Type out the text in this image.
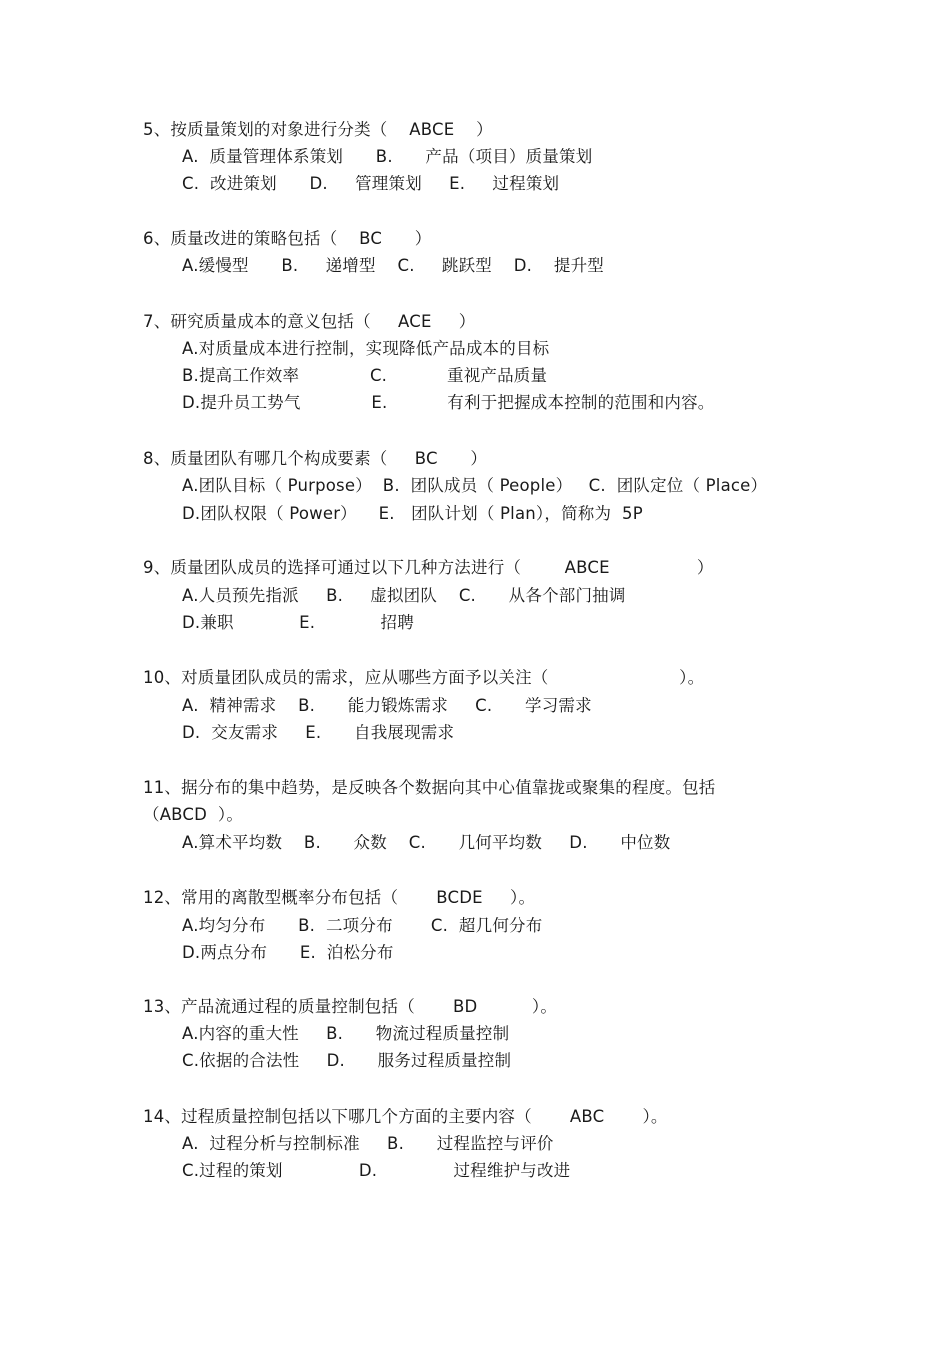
5、按质量策划的对象进行分类（    ABCE    ）
A.  质量管理体系策划      B.      产品（项目）质量策划
C.  改进策划      D.     管理策划     E.     过程策划
6、质量改进的策略包括（    BC      ）
A.缓慢型      B.     递增型    C.     跳跃型    D.    提升型
7、研究质量成本的意义包括（     ACE     ）
A.对质量成本进行控制，实现降低产品成本的目标
B.提高工作效率             C.           重视产品质量
D.提升员工势气             E.           有利于把握成本控制的范围和内容。
8、质量团队有哪几个构成要素（     BC      ）
A.团队目标（ Purpose）  B.  团队成员（ People）   C.  团队定位（ Place）
D.团队权限（ Power）    E.   团队计划（ Plan），简称为  5P
9、质量团队成员的选择可通过以下几种方法进行（        ABCE                ）
A.人员预先指派     B.     虚拟团队    C.      从各个部门抽调
D.兼职            E.            招聘
10、对质量团队成员的需求，应从哪些方面予以关注（                        ）。
A.  精神需求    B.      能力锻炼需求     C.      学习需求
D.  交友需求     E.      自我展现需求
11、据分布的集中趋势，是反映各个数据向其中心值靠拢或聚集的程度。包括
（ABCD  ）。
A.算术平均数    B.      众数    C.      几何平均数     D.      中位数
12、常用的离散型概率分布包括（       BCDE     ）。
A.均匀分布      B.  二项分布       C.  超几何分布
D.两点分布      E.  泊松分布
13、产品流通过程的质量控制包括（       BD          ）。
A.内容的重大性     B.      物流过程质量控制
C.依据的合法性     D.      服务过程质量控制
14、过程质量控制包括以下哪几个方面的主要内容（       ABC       ）。
A.  过程分析与控制标准     B.      过程监控与评价
C.过程的策划              D.              过程维护与改进
